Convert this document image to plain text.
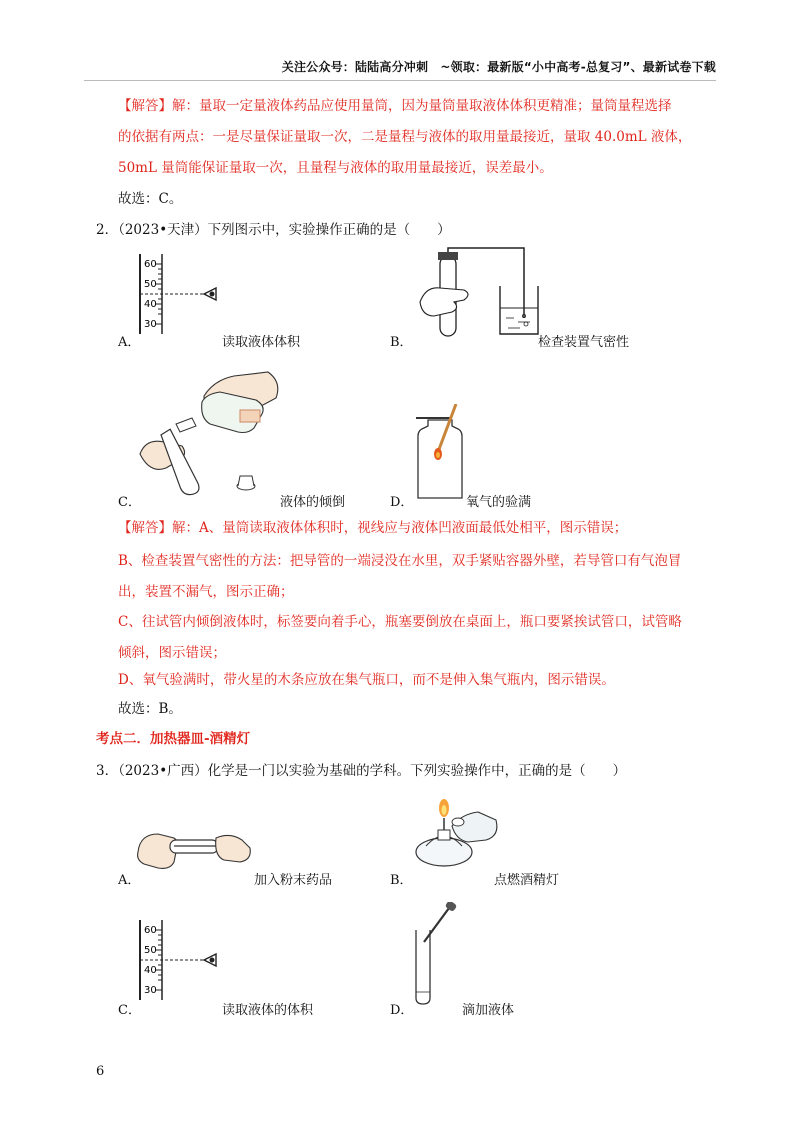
关注公众号：陆陆高分冲刺　~领取：最新版“小中高考-总复习”、最新试卷下载
【解答】解：量取一定量液体药品应使用量筒，因为量筒量取液体体积更精准；量筒量程选择
的依据有两点：一是尽量保证量取一次，二是量程与液体的取用量最接近，量取 40.0mL 液体，
50mL 量筒能保证量取一次，且量程与液体的取用量最接近，误差最小。
故选：C。
2．（2023•天津）下列图示中，实验操作正确的是（　　）
60
50
40
30
A．	读取液体体积	B．	检查装置气密性
C．	液体的倾倒	D．	氧气的验满
【解答】解：A、量筒读取液体体积时，视线应与液体凹液面最低处相平，图示错误；
B、检查装置气密性的方法：把导管的一端浸没在水里，双手紧贴容器外壁，若导管口有气泡冒
出，装置不漏气，图示正确；
C、往试管内倾倒液体时，标签要向着手心，瓶塞要倒放在桌面上，瓶口要紧挨试管口，试管略
倾斜，图示错误；
D、氧气验满时，带火星的木条应放在集气瓶口，而不是伸入集气瓶内，图示错误。
故选：B。
考点二．加热器皿-酒精灯
3．（2023•广西）化学是一门以实验为基础的学科。下列实验操作中，正确的是（　　）
A．	加入粉末药品	B．	点燃酒精灯
60
50
40
30
C．	读取液体的体积	D．	滴加液体
6
